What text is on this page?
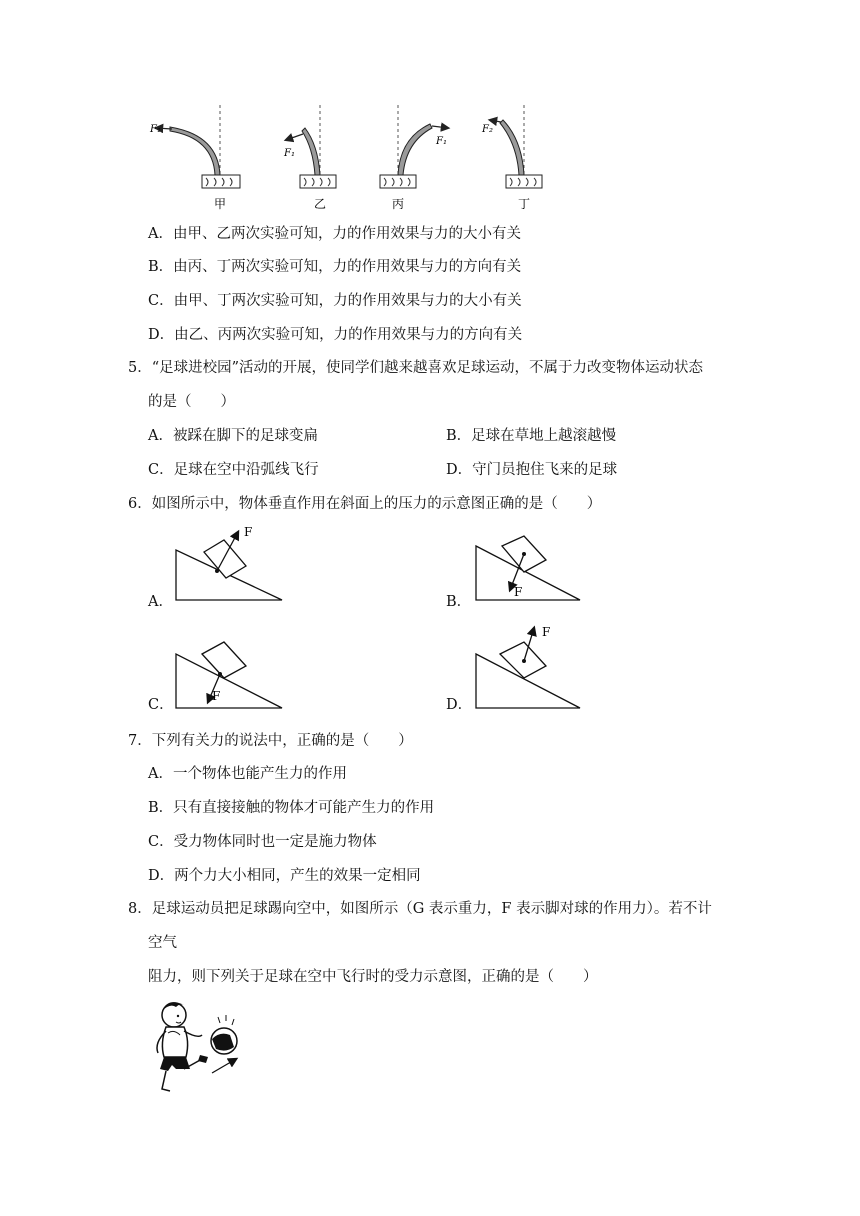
F₁
甲
F₁
乙
F₁
丙
F₂
丁
A．由甲、乙两次实验可知，力的作用效果与力的大小有关
B．由丙、丁两次实验可知，力的作用效果与力的方向有关
C．由甲、丁两次实验可知，力的作用效果与力的大小有关
D．由乙、丙两次实验可知，力的作用效果与力的方向有关
5．“足球进校园”活动的开展，使同学们越来越喜欢足球运动，不属于力改变物体运动状态
的是（　　）
A．被踩在脚下的足球变扁	B．足球在草地上越滚越慢
C．足球在空中沿弧线飞行	D．守门员抱住飞来的足球
6．如图所示中，物体垂直作用在斜面上的压力的示意图正确的是（　　）
A．
F
B．
F
C．
F
D．
F
7．下列有关力的说法中，正确的是（　　）
A．一个物体也能产生力的作用
B．只有直接接触的物体才可能产生力的作用
C．受力物体同时也一定是施力物体
D．两个力大小相同，产生的效果一定相同
8．足球运动员把足球踢向空中，如图所示（G 表示重力，F 表示脚对球的作用力）。若不计
空气
阻力，则下列关于足球在空中飞行时的受力示意图，正确的是（　　）
